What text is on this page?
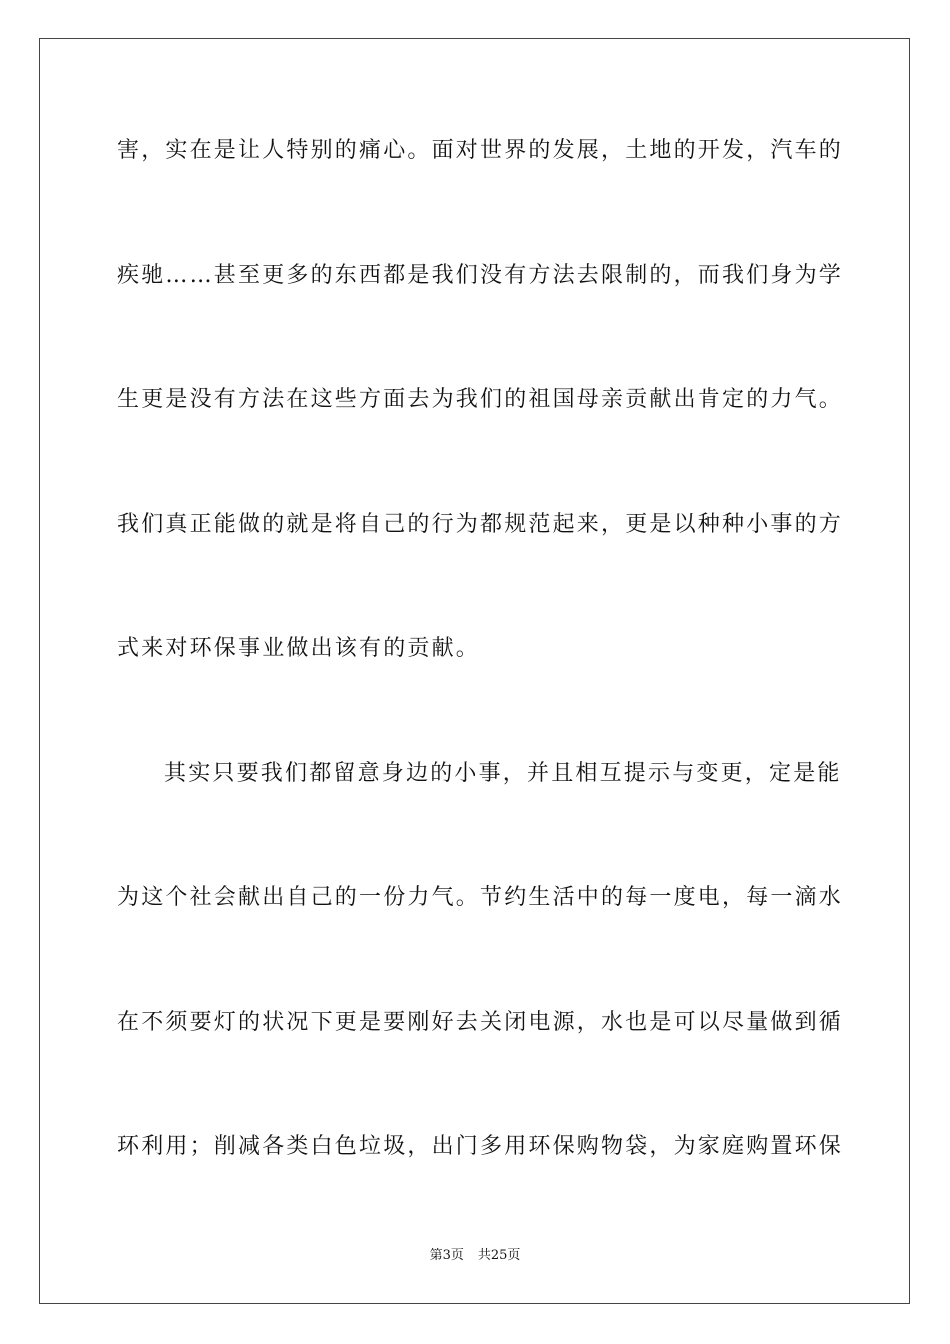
害，实在是让人特别的痛心。面对世界的发展，土地的开发，汽车的
疾驰……甚至更多的东西都是我们没有方法去限制的，而我们身为学
生更是没有方法在这些方面去为我们的祖国母亲贡献出肯定的力气。
我们真正能做的就是将自己的行为都规范起来，更是以种种小事的方
式来对环保事业做出该有的贡献。
其实只要我们都留意身边的小事，并且相互提示与变更，定是能
为这个社会献出自己的一份力气。节约生活中的每一度电，每一滴水
在不须要灯的状况下更是要刚好去关闭电源，水也是可以尽量做到循
环利用；削减各类白色垃圾，出门多用环保购物袋，为家庭购置环保
第3页 共25页
